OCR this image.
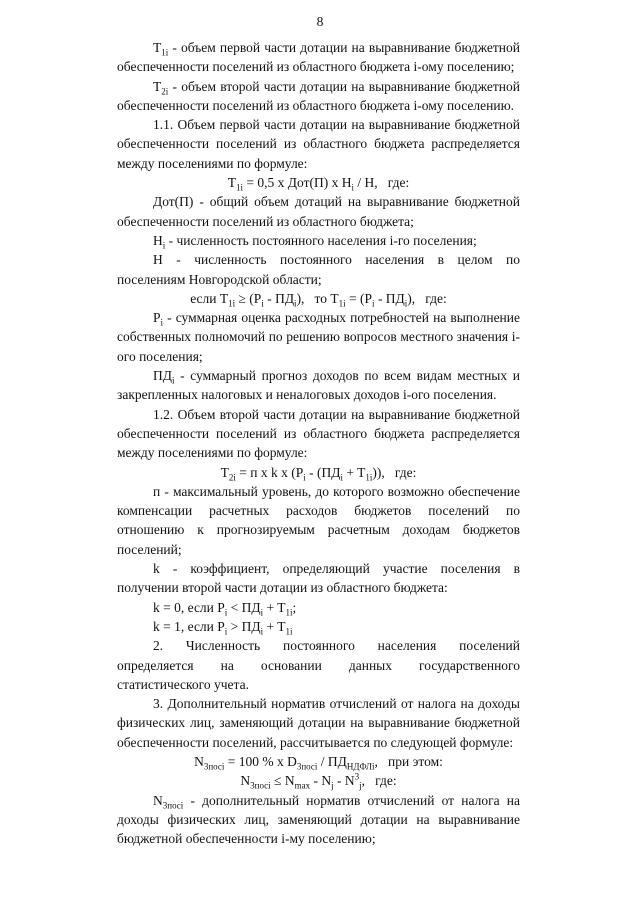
8

$T_{1i}$ - объем первой части дотации на выравнивание бюджетной обеспеченности поселений из областного бюджета i-ому поселению;

$T_{2i}$ - объем второй части дотации на выравнивание бюджетной обеспеченности поселений из областного бюджета i-ому поселению.

1.1. Объем первой части дотации на выравнивание бюджетной обеспеченности поселений из областного бюджета распределяется между поселениями по формуле:

$T_{1i} = 0,5$ х Дот(П) х $H_i$ / H,   где:

Дот(П) - общий объем дотаций на выравнивание бюджетной обеспеченности поселений из областного бюджета;

$H_i$ - численность постоянного населения i-го поселения;

H - численность постоянного населения в целом по поселениям Новгородской области;

если $T_{1i} \ge (P_i - ПД_i)$,   то $T_{1i} = (P_i - ПД_i)$,   где:

$P_i$ - суммарная оценка расходных потребностей на выполнение собственных полномочий по решению вопросов местного значения i-ого поселения;

$ПД_i$ - суммарный прогноз доходов по всем видам местных и закрепленных налоговых и неналоговых доходов i-ого поселения.

1.2. Объем второй части дотации на выравнивание бюджетной обеспеченности поселений из областного бюджета распределяется между поселениями по формуле:

$T_{2i} = п$ х k х $(P_i - (ПД_i + T_{1i}))$,   где:

п - максимальный уровень, до которого возможно обеспечение компенсации расчетных расходов бюджетов поселений по отношению к прогнозируемым расчетным доходам бюджетов поселений;

k - коэффициент, определяющий участие поселения в получении второй части дотации из областного бюджета:

k = 0, если $P_i < ПД_i + T_{1i}$;

k = 1, если $P_i > ПД_i + T_{1i}$

2. Численность постоянного населения поселений определяется на основании данных государственного статистического учета.

3. Дополнительный норматив отчислений от налога на доходы физических лиц, заменяющий дотации на выравнивание бюджетной обеспеченности поселений, рассчитывается по следующей формуле:

$N_{3посi} = 100$ % х $D_{3посi} / ПД_{НДФЛi}$,   при этом:

$N_{3посi} \le N_{max} - N_j - N^3_j$,   где:

$N_{3посi}$ - дополнительный норматив отчислений от налога на доходы физических лиц, заменяющий дотации на выравнивание бюджетной обеспеченности i-му поселению;
